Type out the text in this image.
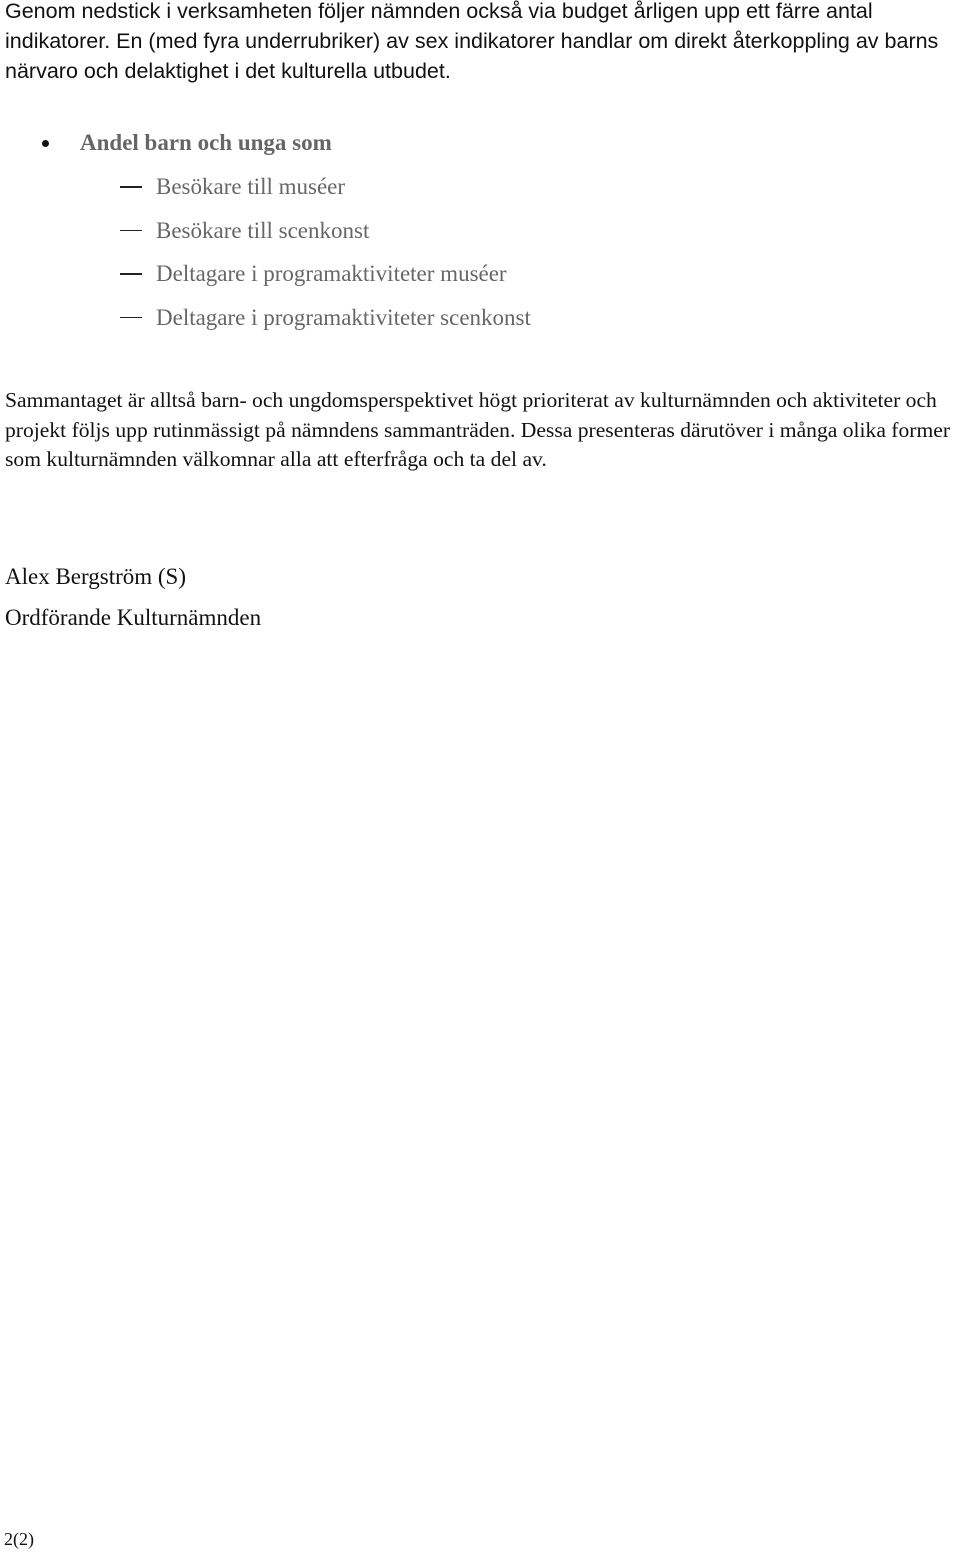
Genom nedstick i verksamheten följer nämnden också via budget årligen upp ett färre antal indikatorer. En (med fyra underrubriker) av sex indikatorer handlar om direkt återkoppling av barns närvaro och delaktighet i det kulturella utbudet.

Andel barn och unga som
Besökare till muséer
Besökare till scenkonst
Deltagare i programaktiviteter muséer
Deltagare i programaktiviteter scenkonst

Sammantaget är alltså barn- och ungdomsperspektivet högt prioriterat av kulturnämnden och aktiviteter och projekt följs upp rutinmässigt på nämndens sammanträden. Dessa presenteras därutöver i många olika former som kulturnämnden välkomnar alla att efterfråga och ta del av.

Alex Bergström (S)
Ordförande Kulturnämnden
2(2)
